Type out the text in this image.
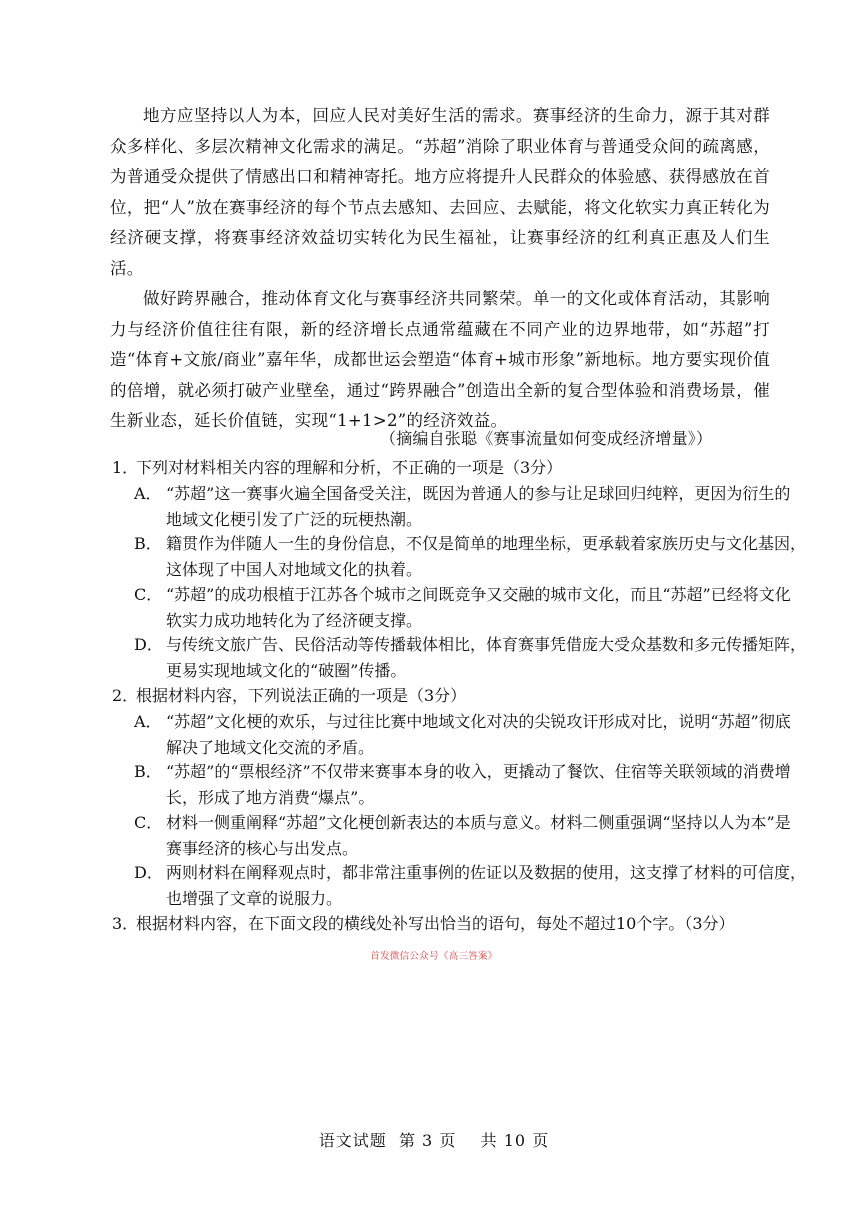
地方应坚持以人为本，回应人民对美好生活的需求。赛事经济的生命力，源于其对群众多样化、多层次精神文化需求的满足。“苏超”消除了职业体育与普通受众间的疏离感，为普通受众提供了情感出口和精神寄托。地方应将提升人民群众的体验感、获得感放在首位，把“人”放在赛事经济的每个节点去感知、去回应、去赋能，将文化软实力真正转化为经济硬支撑，将赛事经济效益切实转化为民生福祉，让赛事经济的红利真正惠及人们生活。
做好跨界融合，推动体育文化与赛事经济共同繁荣。单一的文化或体育活动，其影响力与经济价值往往有限，新的经济增长点通常蕴藏在不同产业的边界地带，如“苏超”打造“体育+文旅/商业”嘉年华，成都世运会塑造“体育+城市形象”新地标。地方要实现价值的倍增，就必须打破产业壁垒，通过“跨界融合”创造出全新的复合型体验和消费场景，催生新业态，延长价值链，实现“1+1>2”的经济效益。
（摘编自张聪《赛事流量如何变成经济增量》）
1．下列对材料相关内容的理解和分析，不正确的一项是（3分）
A． “苏超”这一赛事火遍全国备受关注，既因为普通人的参与让足球回归纯粹，更因为衍生的地域文化梗引发了广泛的玩梗热潮。
B． 籍贯作为伴随人一生的身份信息，不仅是简单的地理坐标，更承载着家族历史与文化基因，这体现了中国人对地域文化的执着。
C． “苏超”的成功根植于江苏各个城市之间既竞争又交融的城市文化，而且“苏超”已经将文化软实力成功地转化为了经济硬支撑。
D． 与传统文旅广告、民俗活动等传播载体相比，体育赛事凭借庞大受众基数和多元传播矩阵，更易实现地域文化的“破圈”传播。
2．根据材料内容，下列说法正确的一项是（3分）
A． “苏超”文化梗的欢乐，与过往比赛中地域文化对决的尖锐攻讦形成对比，说明“苏超”彻底解决了地域文化交流的矛盾。
B． “苏超”的“票根经济”不仅带来赛事本身的收入，更撬动了餐饮、住宿等关联领域的消费增长，形成了地方消费“爆点”。
C． 材料一侧重阐释“苏超”文化梗创新表达的本质与意义。材料二侧重强调“坚持以人为本”是赛事经济的核心与出发点。
D． 两则材料在阐释观点时，都非常注重事例的佐证以及数据的使用，这支撑了材料的可信度，也增强了文章的说服力。
3．根据材料内容，在下面文段的横线处补写出恰当的语句，每处不超过10个字。（3分）
首发微信公众号《高三答案》
语文试题  第 3 页    共 10 页
